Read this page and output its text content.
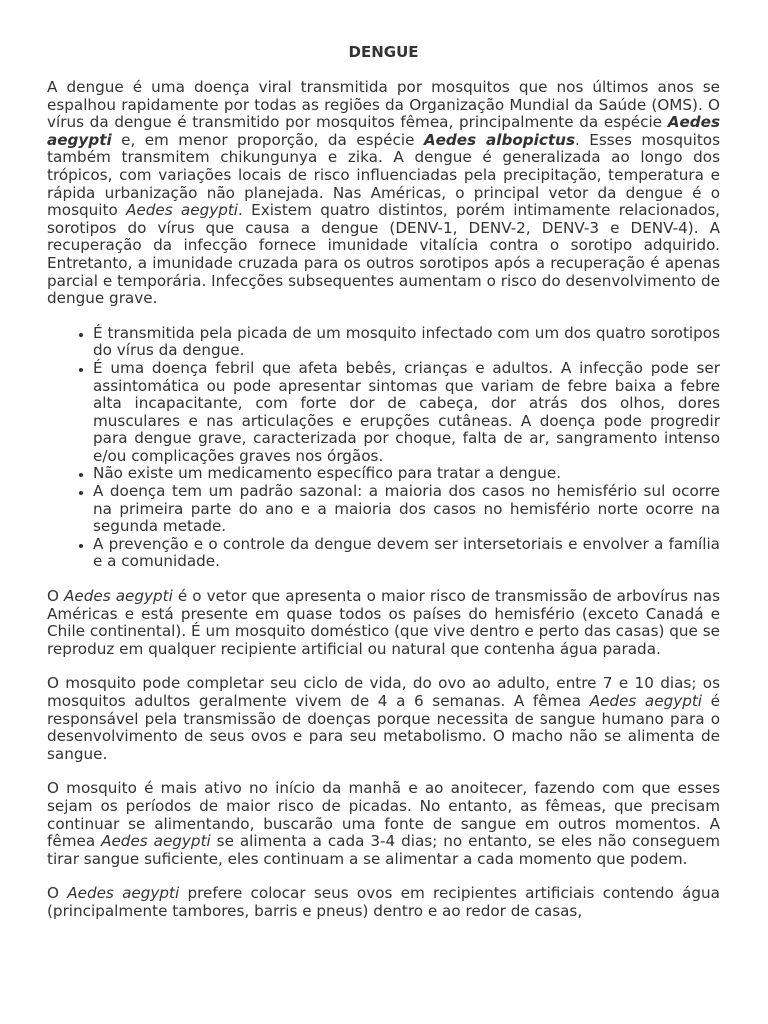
DENGUE

A dengue é uma doença viral transmitida por mosquitos que nos últimos anos se espalhou rapidamente por todas as regiões da Organização Mundial da Saúde (OMS). O vírus da dengue é transmitido por mosquitos fêmea, principalmente da espécie Aedes aegypti e, em menor proporção, da espécie Aedes albopictus. Esses mosquitos também transmitem chikungunya e zika. A dengue é generalizada ao longo dos trópicos, com variações locais de risco influenciadas pela precipitação, temperatura e rápida urbanização não planejada. Nas Américas, o principal vetor da dengue é o mosquito Aedes aegypti. Existem quatro distintos, porém intimamente relacionados, sorotipos do vírus que causa a dengue (DENV-1, DENV-2, DENV-3 e DENV-4). A recuperação da infecção fornece imunidade vitalícia contra o sorotipo adquirido. Entretanto, a imunidade cruzada para os outros sorotipos após a recuperação é apenas parcial e temporária. Infecções subsequentes aumentam o risco do desenvolvimento de dengue grave.

• É transmitida pela picada de um mosquito infectado com um dos quatro sorotipos do vírus da dengue.
• É uma doença febril que afeta bebês, crianças e adultos. A infecção pode ser assintomática ou pode apresentar sintomas que variam de febre baixa a febre alta incapacitante, com forte dor de cabeça, dor atrás dos olhos, dores musculares e nas articulações e erupções cutâneas. A doença pode progredir para dengue grave, caracterizada por choque, falta de ar, sangramento intenso e/ou complicações graves nos órgãos.
• Não existe um medicamento específico para tratar a dengue.
• A doença tem um padrão sazonal: a maioria dos casos no hemisfério sul ocorre na primeira parte do ano e a maioria dos casos no hemisfério norte ocorre na segunda metade.
• A prevenção e o controle da dengue devem ser intersetoriais e envolver a família e a comunidade.

O Aedes aegypti é o vetor que apresenta o maior risco de transmissão de arbovírus nas Américas e está presente em quase todos os países do hemisfério (exceto Canadá e Chile continental). É um mosquito doméstico (que vive dentro e perto das casas) que se reproduz em qualquer recipiente artificial ou natural que contenha água parada.

O mosquito pode completar seu ciclo de vida, do ovo ao adulto, entre 7 e 10 dias; os mosquitos adultos geralmente vivem de 4 a 6 semanas. A fêmea Aedes aegypti é responsável pela transmissão de doenças porque necessita de sangue humano para o desenvolvimento de seus ovos e para seu metabolismo. O macho não se alimenta de sangue.

O mosquito é mais ativo no início da manhã e ao anoitecer, fazendo com que esses sejam os períodos de maior risco de picadas. No entanto, as fêmeas, que precisam continuar se alimentando, buscarão uma fonte de sangue em outros momentos. A fêmea Aedes aegypti se alimenta a cada 3-4 dias; no entanto, se eles não conseguem tirar sangue suficiente, eles continuam a se alimentar a cada momento que podem.

O Aedes aegypti prefere colocar seus ovos em recipientes artificiais contendo água (principalmente tambores, barris e pneus) dentro e ao redor de casas,
